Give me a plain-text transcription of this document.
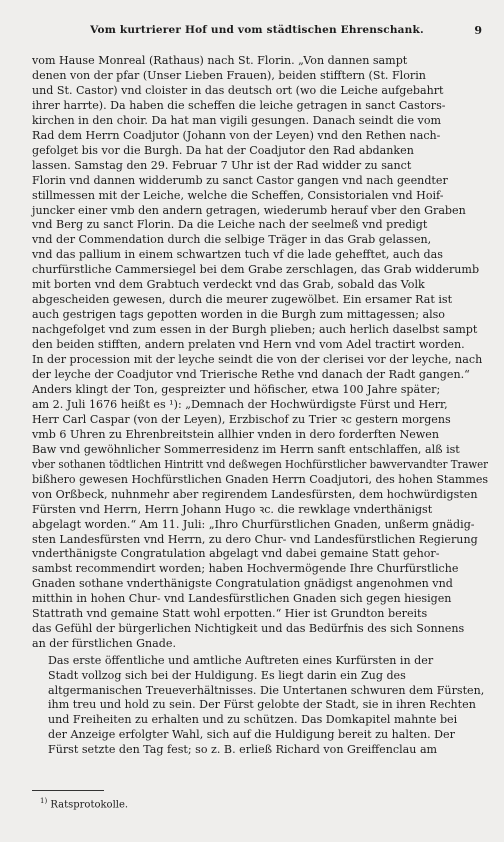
Vom kurtrierer Hof und vom städtischen Ehrenschank.	9

vom Hause Monreal (Rathaus) nach St. Florin. „Von dannen sampt
denen von der pfar (Unser Lieben Frauen), beiden stifftern (St. Florin
und St. Castor) vnd cloister in das deutsch ort (wo die Leiche aufgebahrt
ihrer harrte). Da haben die scheffen die leiche getragen in sanct Castors-
kirchen in den choir. Da hat man vigili gesungen. Danach seindt die vom
Rad dem Herrn Coadjutor (Johann von der Leyen) vnd den Rethen nach-
gefolget bis vor die Burgh. Da hat der Coadjutor den Rad abdanken
lassen. Samstag den 29. Februar 7 Uhr ist der Rad widder zu sanct
Florin vnd dannen widderumb zu sanct Castor gangen vnd nach geendter
stillmessen mit der Leiche, welche die Scheffen, Consistorialen vnd Hoif-
juncker einer vmb den andern getragen, wiederumb herauf vber den Graben
vnd Berg zu sanct Florin. Da die Leiche nach der seelmeß vnd predigt
vnd der Commendation durch die selbige Träger in das Grab gelassen,
vnd das pallium in einem schwartzen tuch vf die lade gehefftet, auch das
churfürstliche Cammersiegel bei dem Grabe zerschlagen, das Grab widderumb
mit borten vnd dem Grabtuch verdeckt vnd das Grab, sobald das Volk
abgescheiden gewesen, durch die meurer zugewölbet. Ein ersamer Rat ist
auch gestrigen tags gepotten worden in die Burgh zum mittagessen; also
nachgefolget vnd zum essen in der Burgh plieben; auch herlich daselbst sampt
den beiden stifften, andern prelaten vnd Hern vnd vom Adel tractirt worden.
In der procession mit der leyche seindt die von der clerisei vor der leyche, nach
der leyche der Coadjutor vnd Trierische Rethe vnd danach der Radt gangen.“
Anders klingt der Ton, gespreizter und höfischer, etwa 100 Jahre später;
am 2. Juli 1676 heißt es ¹): „Demnach der Hochwürdigste Fürst und Herr,
Herr Carl Caspar (von der Leyen), Erzbischof zu Trier ꝛc gestern morgens
vmb 6 Uhren zu Ehrenbreitstein allhier vnden in dero forderften Newen
Baw vnd gewöhnlicher Sommerresidenz im Herrn sanft entschlaffen, alß ist
vber sothanen tödtlichen Hintritt vnd deßwegen Hochfürstlicher bawvervandter Trawer
bißhero gewesen Hochfürstlichen Gnaden Herrn Coadjutori, des hohen Stammes
von Orßbeck, nuhnmehr aber regirendem Landesfürsten, dem hochwürdigsten
Fürsten vnd Herrn, Herrn Johann Hugo ꝛc. die rewklage vnderthänigst
abgelagt worden.“ Am 11. Juli: „Ihro Churfürstlichen Gnaden, unßerm gnädig-
sten Landesfürsten vnd Herrn, zu dero Chur- vnd Landesfürstlichen Regierung
vnderthänigste Congratulation abgelagt vnd dabei gemaine Statt gehor-
sambst recommendirt worden; haben Hochvermögende Ihre Churfürstliche
Gnaden sothane vnderthänigste Congratulation gnädigst angenohmen vnd
mitthin in hohen Chur- vnd Landesfürstlichen Gnaden sich gegen hiesigen
Stattrath vnd gemaine Statt wohl erpotten.“ Hier ist Grundton bereits
das Gefühl der bürgerlichen Nichtigkeit und das Bedürfnis des sich Sonnens
an der fürstlichen Gnade.

Das erste öffentliche und amtliche Auftreten eines Kurfürsten in der
Stadt vollzog sich bei der Huldigung. Es liegt darin ein Zug des
altgermanischen Treueverhältnisses. Die Untertanen schwuren dem Fürsten,
ihm treu und hold zu sein. Der Fürst gelobte der Stadt, sie in ihren Rechten
und Freiheiten zu erhalten und zu schützen. Das Domkapitel mahnte bei
der Anzeige erfolgter Wahl, sich auf die Huldigung bereit zu halten. Der
Fürst setzte den Tag fest; so z. B. erließ Richard von Greiffenclau am

$^{1)}$ Ratsprotokolle.
